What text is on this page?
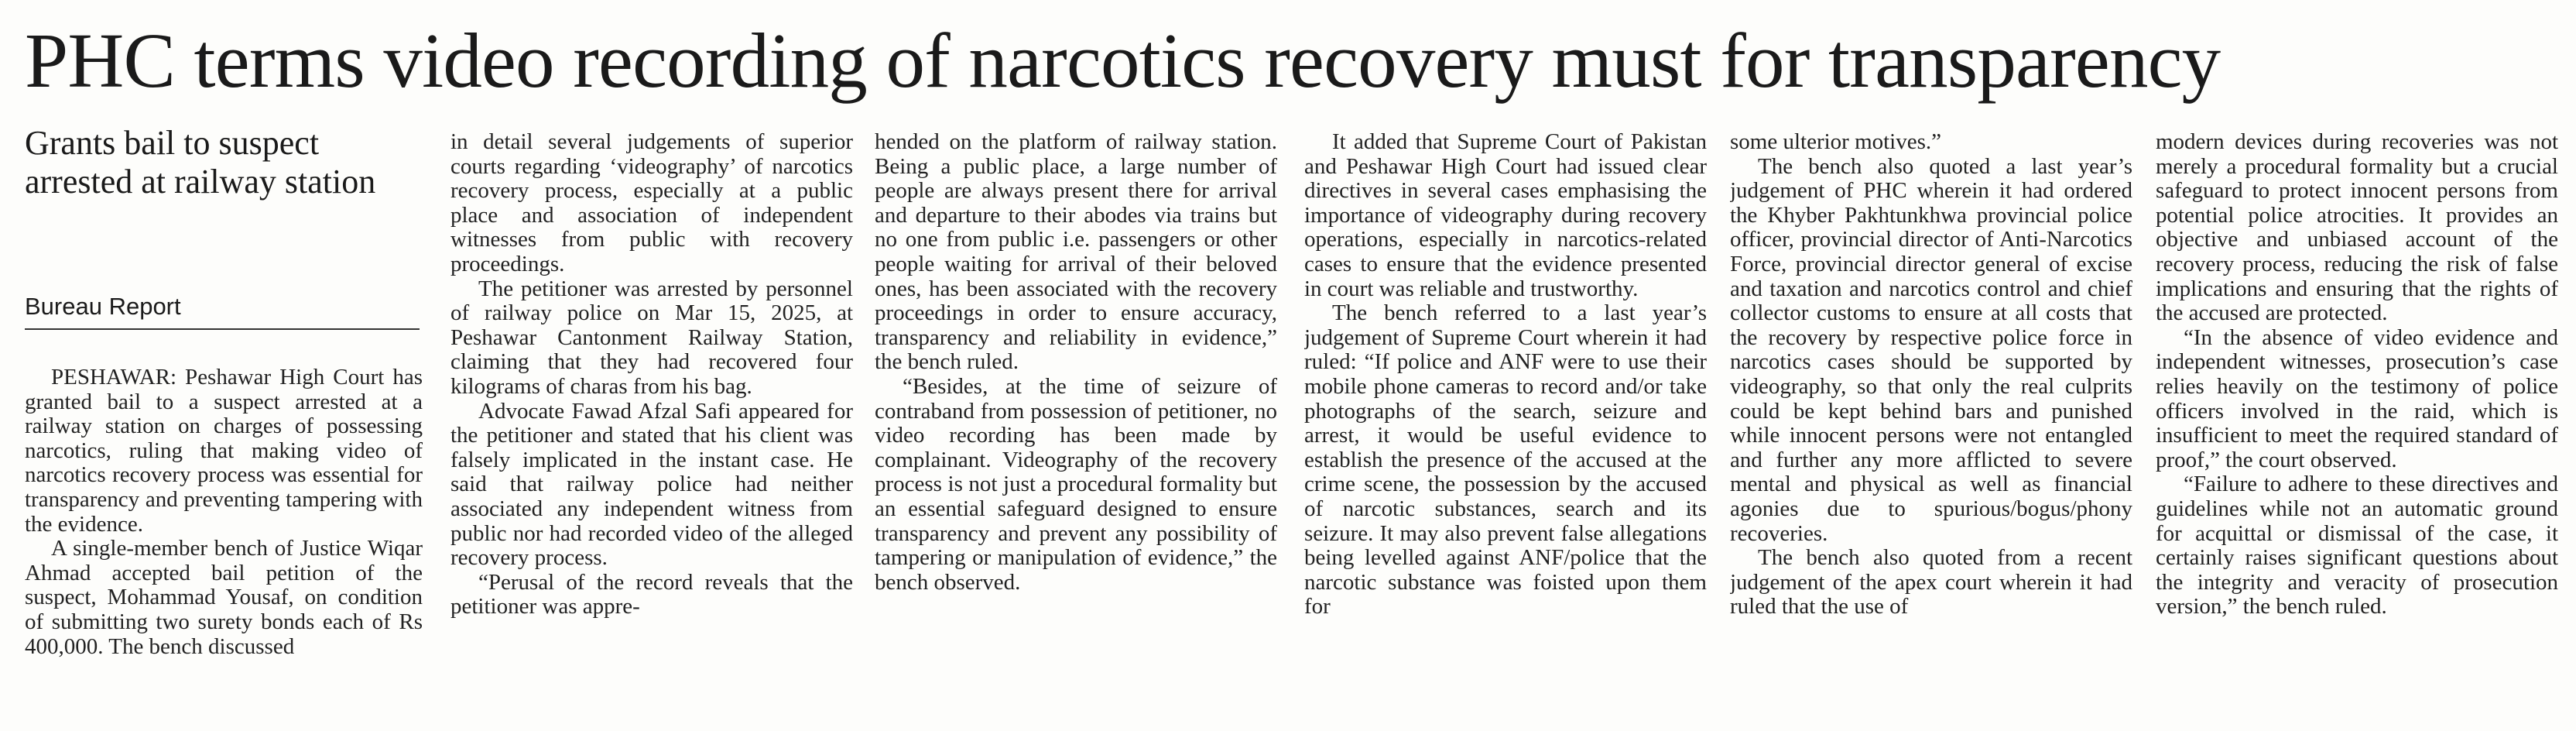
PHC terms video recording of narcotics recovery must for transparency
Grants bail to suspect arrested at railway station
Bureau Report

PESHAWAR: Peshawar High Court has granted bail to a suspect arrested at a railway station on charges of possessing narcotics, ruling that making video of narcotics recovery process was essential for transparency and preventing tampering with the evidence.

A single-member bench of Justice Wiqar Ahmad accepted bail petition of the suspect, Mohammad Yousaf, on condition of submitting two surety bonds each of Rs 400,000. The bench discussed

in detail several judgements of superior courts regarding ‘videography’ of narcotics recovery process, especially at a public place and association of independent witnesses from public with recovery proceedings.

The petitioner was arrested by personnel of railway police on Mar 15, 2025, at Peshawar Cantonment Railway Station, claiming that they had recovered four kilograms of charas from his bag.

Advocate Fawad Afzal Safi appeared for the petitioner and stated that his client was falsely implicated in the instant case. He said that railway police had neither associated any independent witness from public nor had recorded video of the alleged recovery process.

“Perusal of the record reveals that the petitioner was appre-

hended on the platform of railway station. Being a public place, a large number of people are always present there for arrival and departure to their abodes via trains but no one from public i.e. passengers or other people waiting for arrival of their beloved ones, has been associated with the recovery proceedings in order to ensure accuracy, transparency and reliability in evidence,” the bench ruled.

“Besides, at the time of seizure of contraband from possession of petitioner, no video recording has been made by complainant. Videography of the recovery process is not just a procedural formality but an essential safeguard designed to ensure transparency and prevent any possibility of tampering or manipulation of evidence,” the bench observed.

It added that Supreme Court of Pakistan and Peshawar High Court had issued clear directives in several cases emphasising the importance of videography during recovery operations, especially in narcotics-related cases to ensure that the evidence presented in court was reliable and trustworthy.

The bench referred to a last year’s judgement of Supreme Court wherein it had ruled: “If police and ANF were to use their mobile phone cameras to record and/or take photographs of the search, seizure and arrest, it would be useful evidence to establish the presence of the accused at the crime scene, the possession by the accused of narcotic substances, search and its seizure. It may also prevent false allegations being levelled against ANF/police that the narcotic substance was foisted upon them for

some ulterior motives.”

The bench also quoted a last year’s judgement of PHC wherein it had ordered the Khyber Pakhtunkhwa provincial police officer, provincial director of Anti-Narcotics Force, provincial director general of excise and taxation and narcotics control and chief collector customs to ensure at all costs that the recovery by respective police force in narcotics cases should be supported by videography, so that only the real culprits could be kept behind bars and punished while innocent persons were not entangled and further any more afflicted to severe mental and physical as well as financial agonies due to spurious/bogus/phony recoveries.

The bench also quoted from a recent judgement of the apex court wherein it had ruled that the use of

modern devices during recoveries was not merely a procedural formality but a crucial safeguard to protect innocent persons from potential police atrocities. It provides an objective and unbiased account of the recovery process, reducing the risk of false implications and ensuring that the rights of the accused are protected.

“In the absence of video evidence and independent witnesses, prosecution’s case relies heavily on the testimony of police officers involved in the raid, which is insufficient to meet the required standard of proof,” the court observed.

“Failure to adhere to these directives and guidelines while not an automatic ground for acquittal or dismissal of the case, it certainly raises significant questions about the integrity and veracity of prosecution version,” the bench ruled.
